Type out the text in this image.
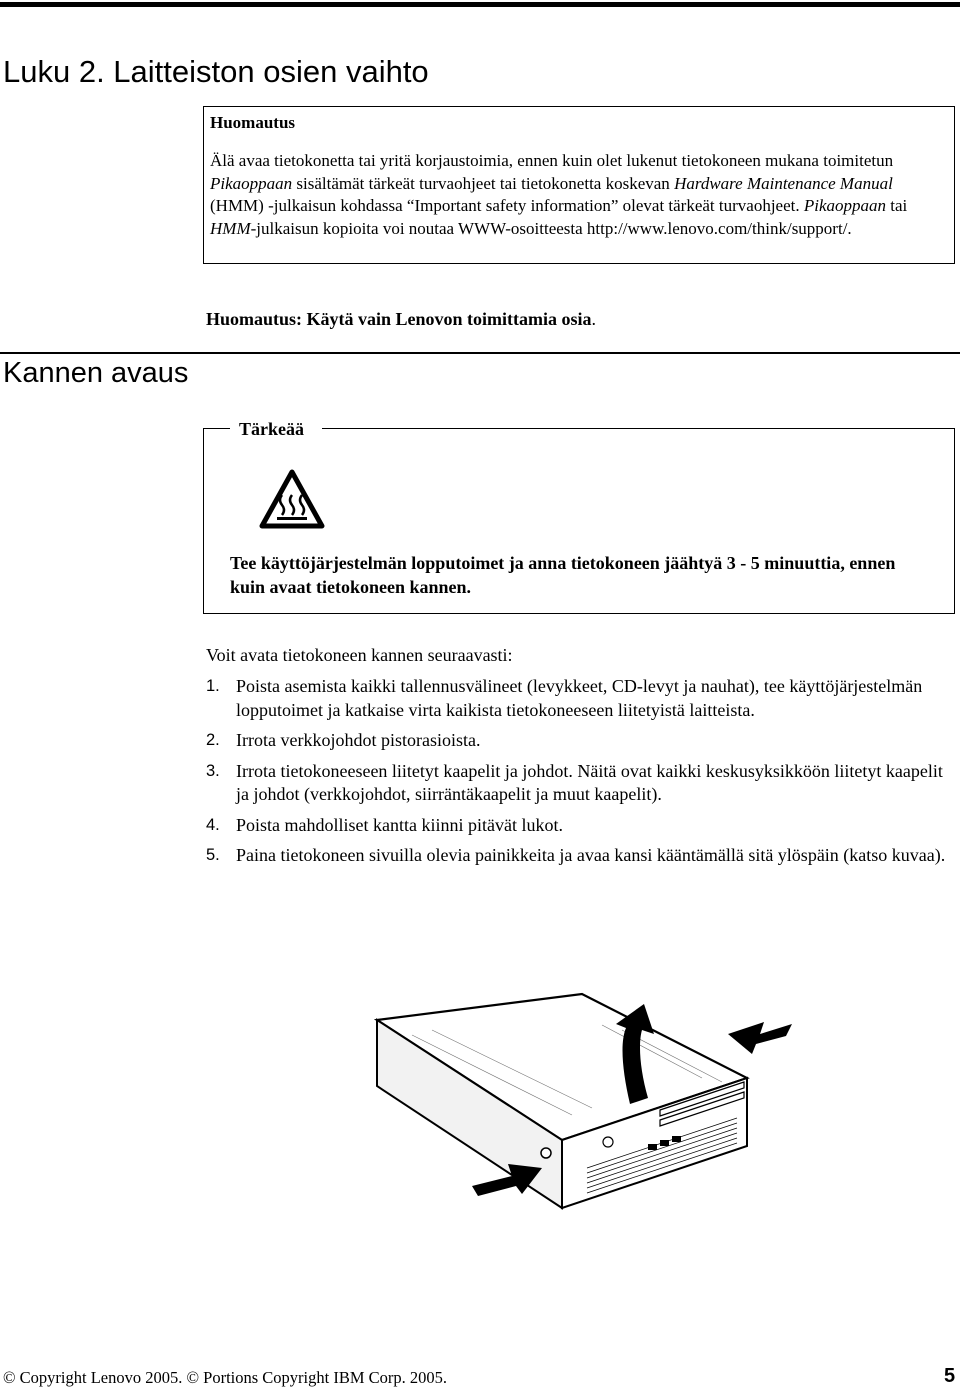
Luku 2. Laitteiston osien vaihto
Huomautus
Älä avaa tietokonetta tai yritä korjaustoimia, ennen kuin olet lukenut tietokoneen mukana toimitetun Pikaoppaan sisältämät tärkeät turvaohjeet tai tietokonetta koskevan Hardware Maintenance Manual (HMM) -julkaisun kohdassa “Important safety information” olevat tärkeät turvaohjeet. Pikaoppaan tai HMM-julkaisun kopioita voi noutaa WWW-osoitteesta http://www.lenovo.com/think/support/.
Huomautus: Käytä vain Lenovon toimittamia osia.
Kannen avaus
Tärkeää
Tee käyttöjärjestelmän lopputoimet ja anna tietokoneen jäähtyä 3 - 5 minuuttia, ennen kuin avaat tietokoneen kannen.
Voit avata tietokoneen kannen seuraavasti:
1. Poista asemista kaikki tallennusvälineet (levykkeet, CD-levyt ja nauhat), tee käyttöjärjestelmän lopputoimet ja katkaise virta kaikista tietokoneeseen liitetyistä laitteista.
2. Irrota verkkojohdot pistorasioista.
3. Irrota tietokoneeseen liitetyt kaapelit ja johdot. Näitä ovat kaikki keskusyksikköön liitetyt kaapelit ja johdot (verkkojohdot, siirräntäkaapelit ja muut kaapelit).
4. Poista mahdolliset kantta kiinni pitävät lukot.
5. Paina tietokoneen sivuilla olevia painikkeita ja avaa kansi kääntämällä sitä ylöspäin (katso kuvaa).
© Copyright Lenovo 2005. © Portions Copyright IBM Corp. 2005.	5
